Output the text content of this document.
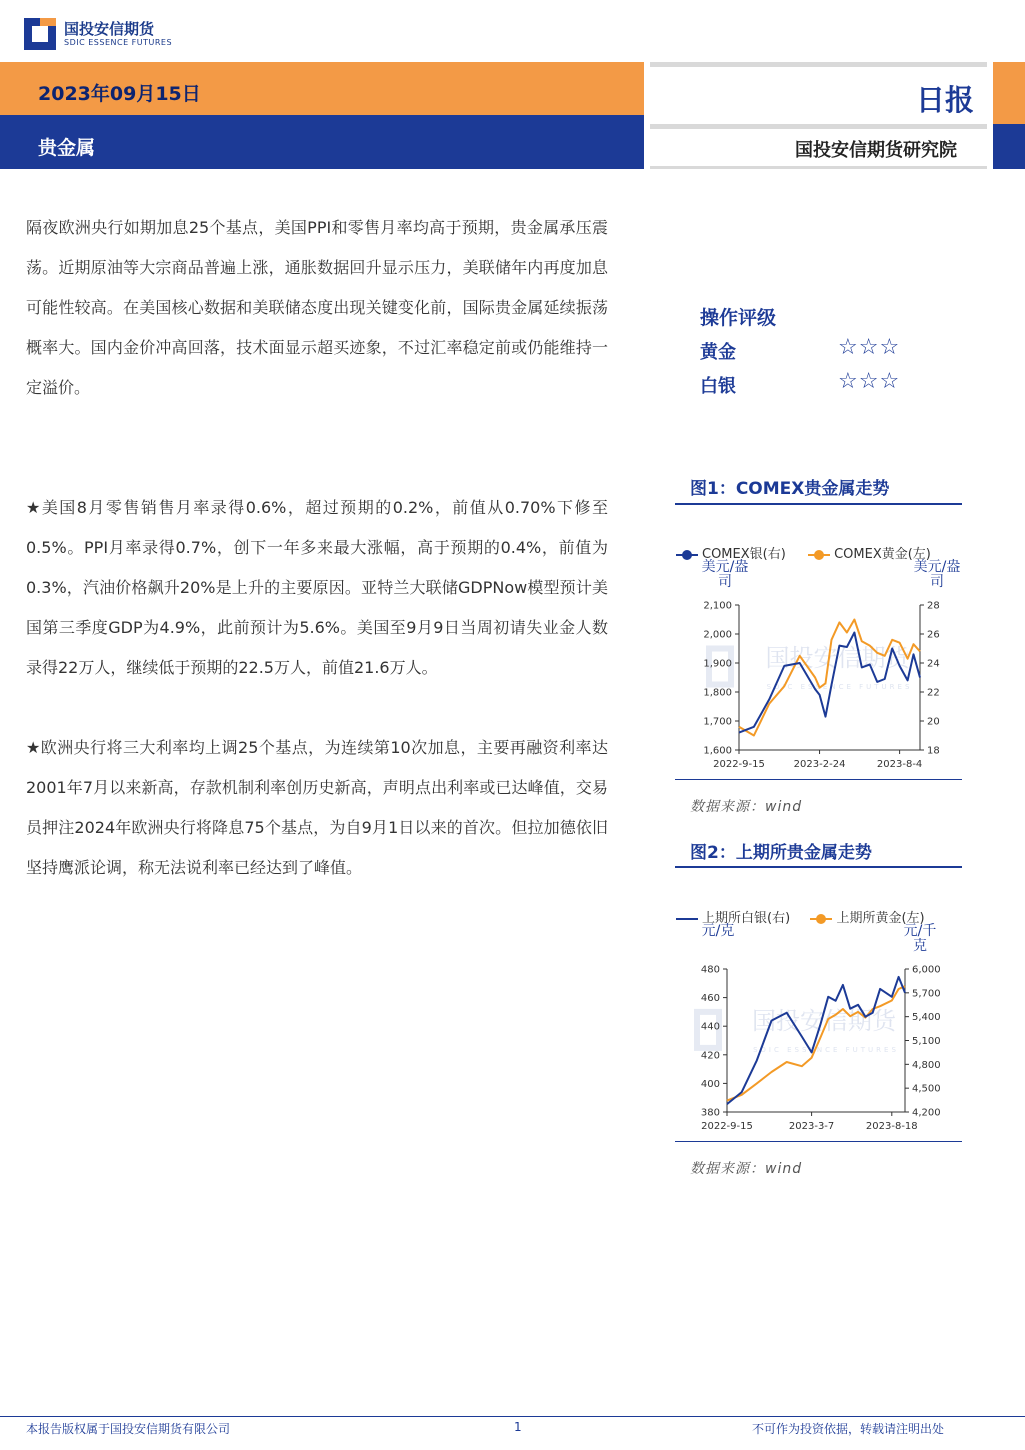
国投安信期货
SDIC ESSENCE FUTURES
2023年09月15日
贵金属
日报
国投安信期货研究院

隔夜欧洲央行如期加息25个基点，美国PPI和零售月率均高于预期，贵金属承压震荡。近期原油等大宗商品普遍上涨，通胀数据回升显示压力，美联储年内再度加息可能性较高。在美国核心数据和美联储态度出现关键变化前，国际贵金属延续振荡概率大。国内金价冲高回落，技术面显示超买迹象，不过汇率稳定前或仍能维持一定溢价。

★美国8月零售销售月率录得0.6%，超过预期的0.2%，前值从0.70%下修至0.5%。PPI月率录得0.7%，创下一年多来最大涨幅，高于预期的0.4%，前值为0.3%，汽油价格飙升20%是上升的主要原因。亚特兰大联储GDPNow模型预计美国第三季度GDP为4.9%，此前预计为5.6%。美国至9月9日当周初请失业金人数录得22万人，继续低于预期的22.5万人，前值21.6万人。

★欧洲央行将三大利率均上调25个基点，为连续第10次加息，主要再融资利率达2001年7月以来新高，存款机制利率创历史新高，声明点出利率或已达峰值，交易员押注2024年欧洲央行将降息75个基点，为自9月1日以来的首次。但拉加德依旧坚持鹰派论调，称无法说利率已经达到了峰值。

操作评级
黄金	☆☆☆
白银	☆☆☆
图1：COMEX贵金属走势
COMEX银(右)	COMEX黄金(左)
美元/盎司
美元/盎司
国投安信期货
SDIC ESSENCE FUTURES
1,600
1,700
1,800
1,900
2,000
2,100
18
20
22
24
26
28
2022-9-15	2023-2-24	2023-8-4
数据来源：wind
图2：上期所贵金属走势
上期所白银(右)	上期所黄金(左)
元/克	元/千克
国投安信期货
SDIC ESSENCE FUTURES
380
400
420
440
460
480
4,200
4,500
4,800
5,100
5,400
5,700
6,000
2022-9-15	2023-3-7	2023-8-18
数据来源：wind
本报告版权属于国投安信期货有限公司	1	不可作为投资依据，转载请注明出处
